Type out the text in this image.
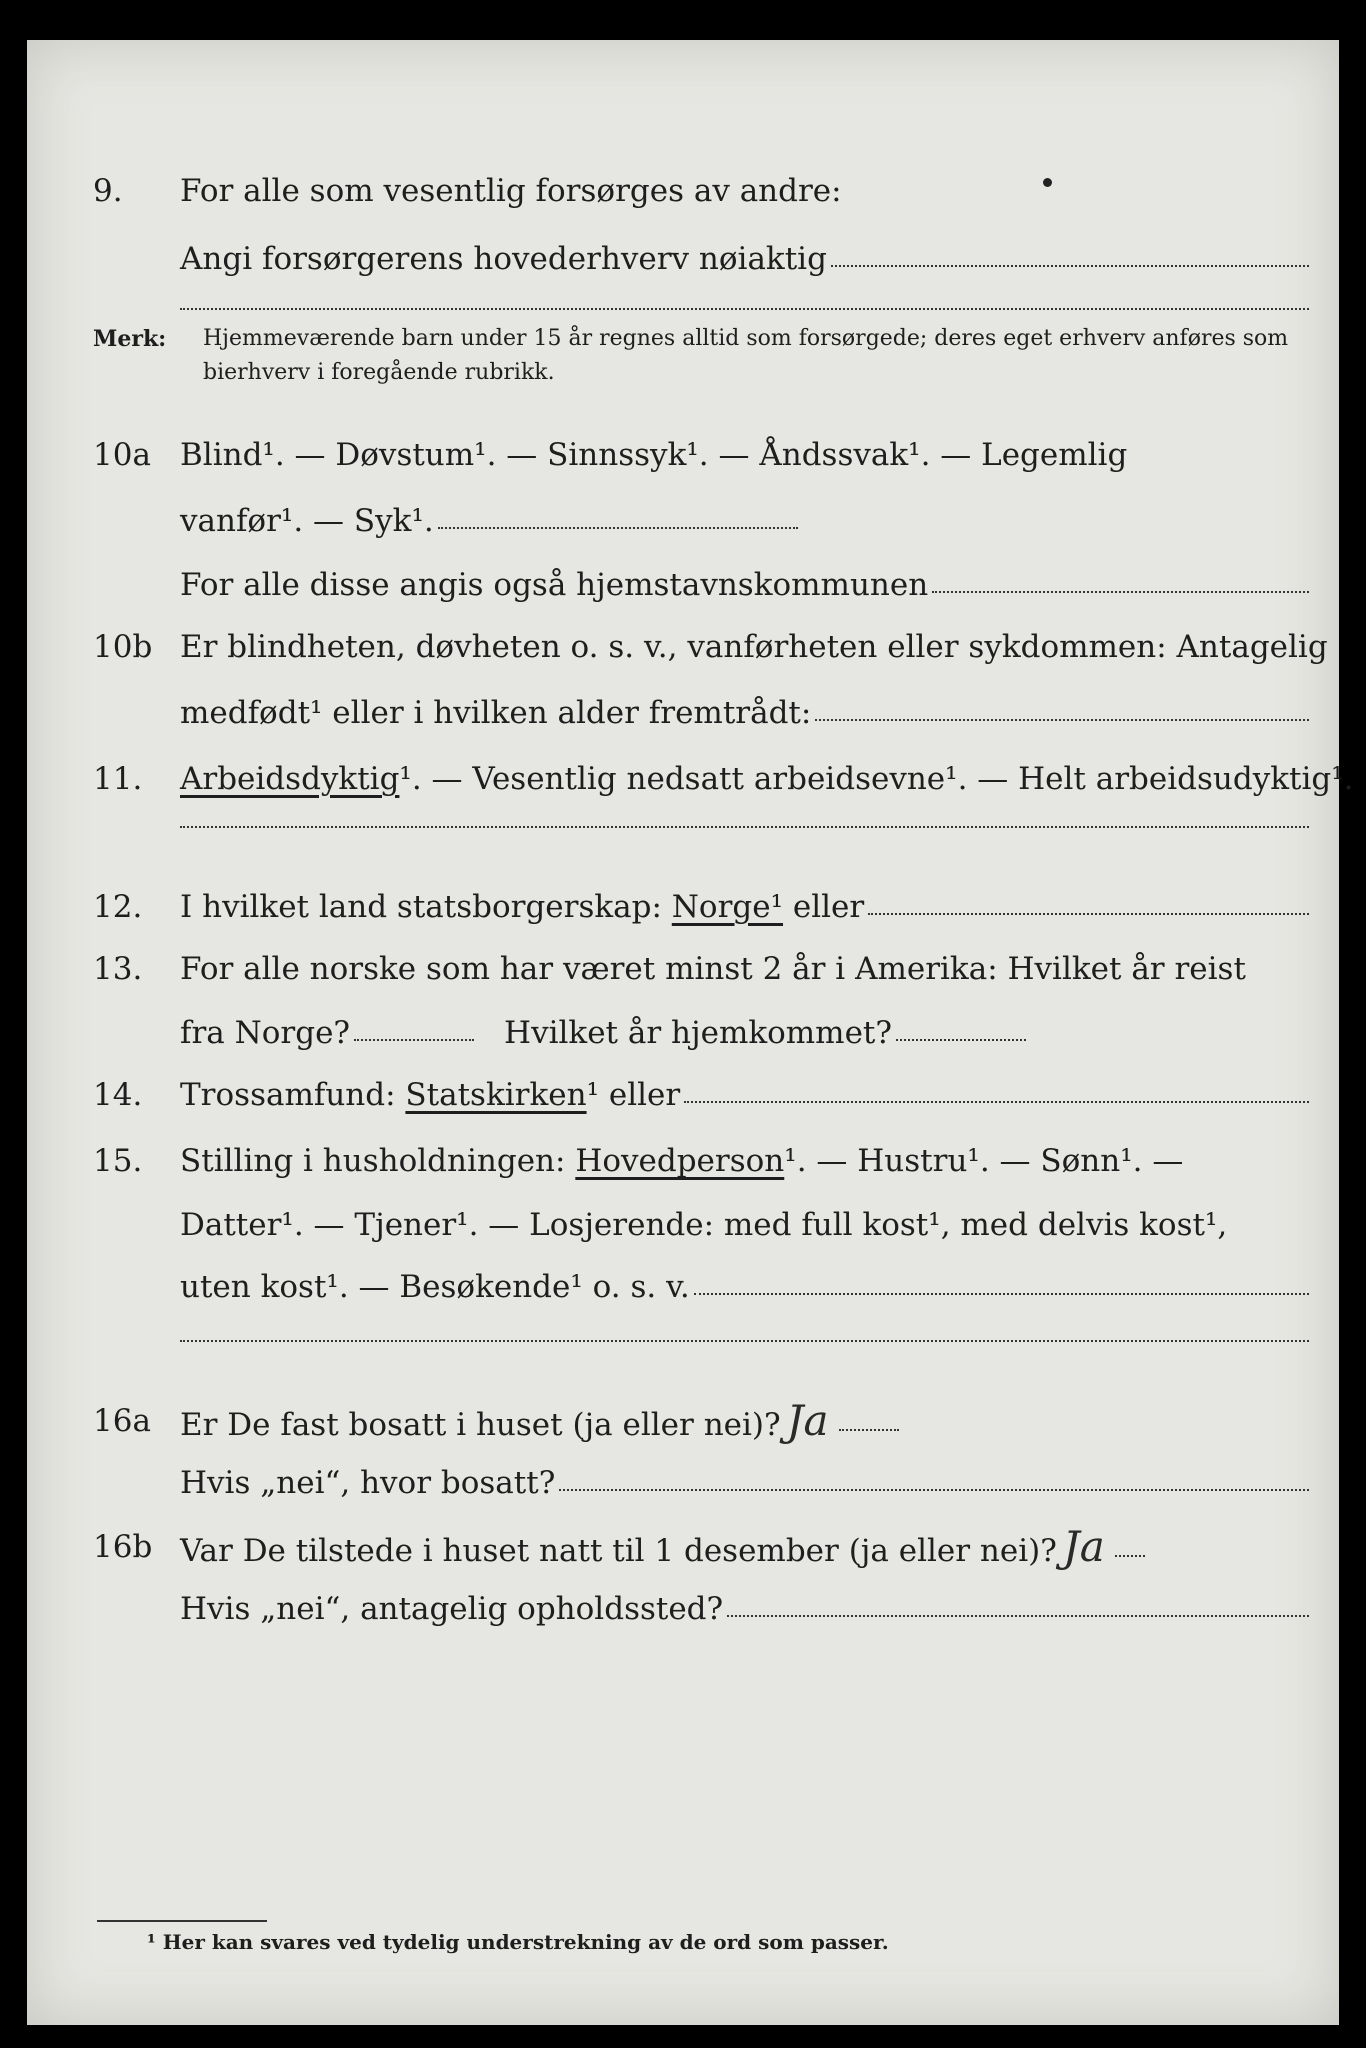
9. For alle som vesentlig forsørges av andre:
Angi forsørgerens hovederhverv nøiaktig
Merk: Hjemmeværende barn under 15 år regnes alltid som forsørgede; deres eget erhverv anføres som bierhverv i foregående rubrikk.
10a Blind¹. — Døvstum¹. — Sinnssyk¹. — Åndssvak¹. — Legemlig
vanfør¹. — Syk¹.
For alle disse angis også hjemstavnskommunen
10b Er blindheten, døvheten o. s. v., vanførheten eller sykdommen: Antagelig
medfødt¹ eller i hvilken alder fremtrådt:
11. Arbeidsdyktig ¹. — Vesentlig nedsatt arbeidsevne¹. — Helt arbeidsudyktig¹.
12. I hvilket land statsborgerskap: Norge¹ eller
13. For alle norske som har været minst 2 år i Amerika: Hvilket år reist
fra Norge?	Hvilket år hjemkommet?
14. Trossamfund: Statskirken ¹ eller
15. Stilling i husholdningen: Hovedperson ¹. — Hustru¹. — Sønn¹. —
Datter¹. — Tjener¹. — Losjerende: med full kost¹, med delvis kost¹,
uten kost¹. — Besøkende¹ o. s. v.
16a Er De fast bosatt i huset (ja eller nei)? Ja
Hvis „nei“, hvor bosatt?
16b Var De tilstede i huset natt til 1 desember (ja eller nei)? Ja
Hvis „nei“, antagelig opholdssted?
¹ Her kan svares ved tydelig understrekning av de ord som passer.
